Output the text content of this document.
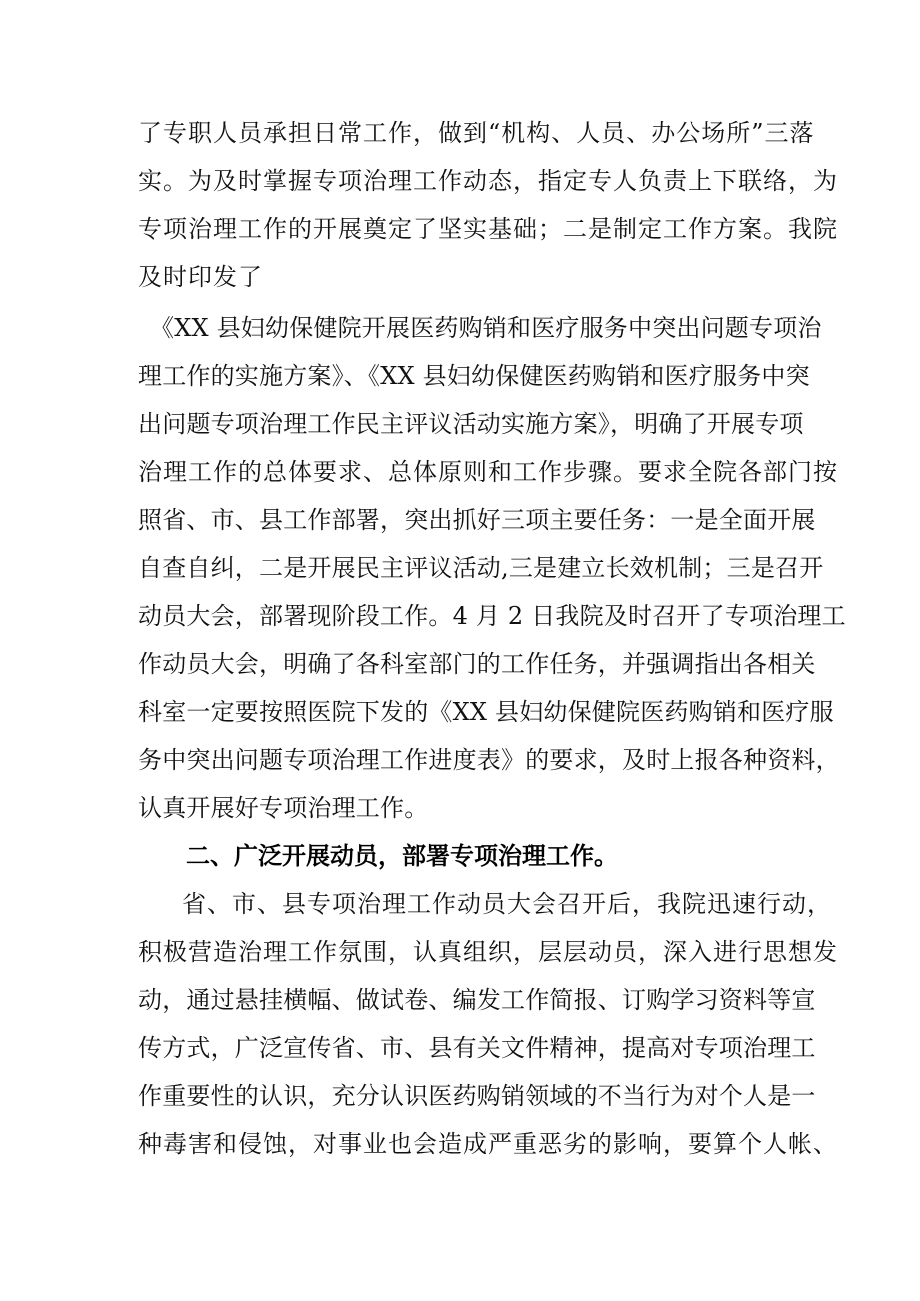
了专职人员承担日常工作，做到“机构、人员、办公场所”三落
实。为及时掌握专项治理工作动态，指定专人负责上下联络，为
专项治理工作的开展奠定了坚实基础；二是制定工作方案。我院
及时印发了
《XX 县妇幼保健院开展医药购销和医疗服务中突出问题专项治
理工作的实施方案》、《XX 县妇幼保健医药购销和医疗服务中突
出问题专项治理工作民主评议活动实施方案》，明确了开展专项
治理工作的总体要求、总体原则和工作步骤。要求全院各部门按
照省、市、县工作部署，突出抓好三项主要任务：一是全面开展
自查自纠，二是开展民主评议活动,三是建立长效机制；三是召开
动员大会，部署现阶段工作。4 月 2 日我院及时召开了专项治理工
作动员大会，明确了各科室部门的工作任务，并强调指出各相关
科室一定要按照医院下发的《XX 县妇幼保健院医药购销和医疗服
务中突出问题专项治理工作进度表》的要求，及时上报各种资料，
认真开展好专项治理工作。
二、广泛开展动员，部署专项治理工作。
省、市、县专项治理工作动员大会召开后，我院迅速行动，
积极营造治理工作氛围，认真组织，层层动员，深入进行思想发
动，通过悬挂横幅、做试卷、编发工作简报、订购学习资料等宣
传方式，广泛宣传省、市、县有关文件精神，提高对专项治理工
作重要性的认识，充分认识医药购销领域的不当行为对个人是一
种毒害和侵蚀，对事业也会造成严重恶劣的影响，要算个人帐、
